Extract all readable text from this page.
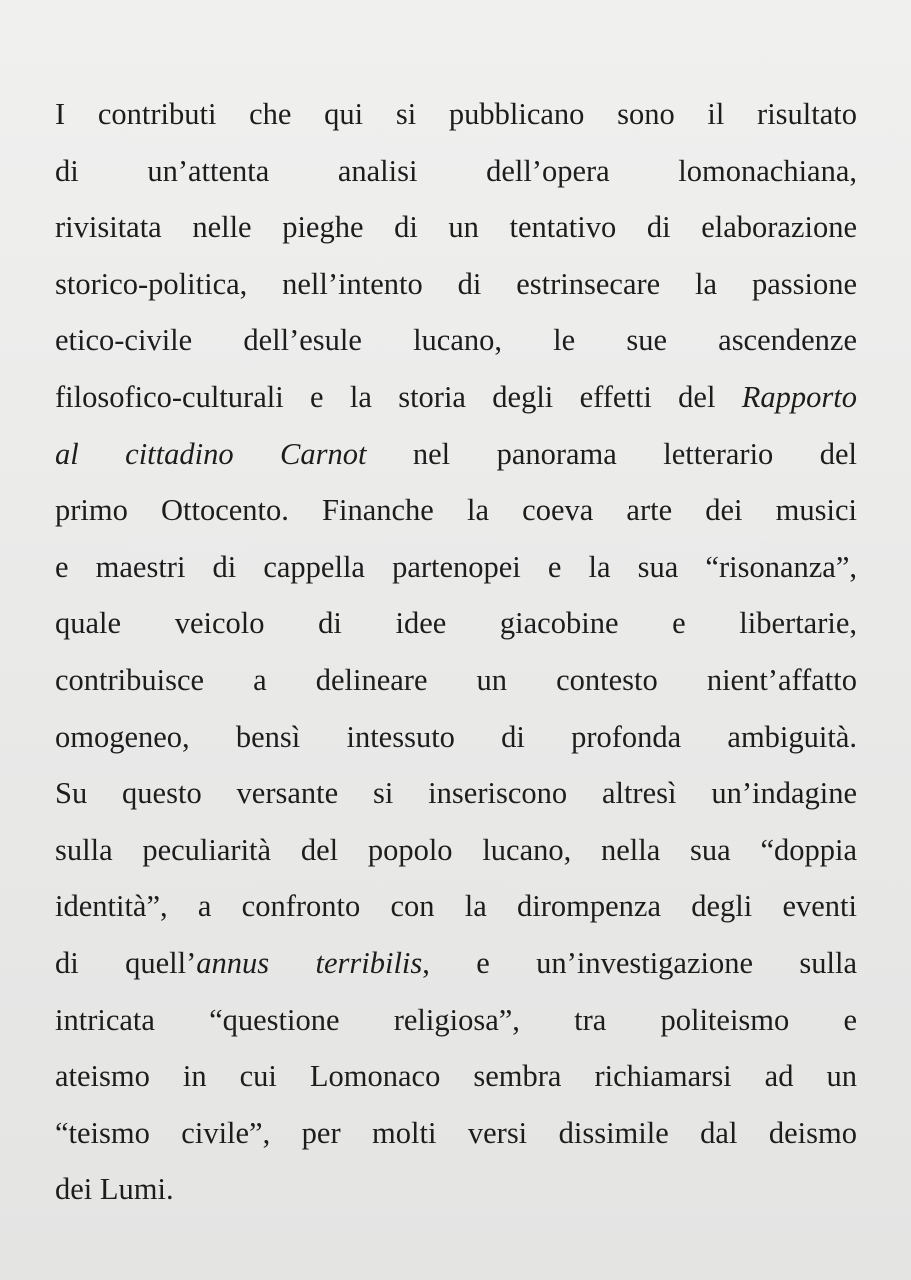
I contributi che qui si pubblicano sono il risultato
di un’attenta analisi dell’opera lomonachiana,
rivisitata nelle pieghe di un tentativo di elaborazione
storico-politica, nell’intento di estrinsecare la passione
etico-civile dell’esule lucano, le sue ascendenze
filosofico-culturali e la storia degli effetti del Rapporto
al cittadino Carnot nel panorama letterario del
primo Ottocento. Finanche la coeva arte dei musici
e maestri di cappella partenopei e la sua “risonanza”,
quale veicolo di idee giacobine e libertarie,
contribuisce a delineare un contesto nient’affatto
omogeneo, bensì intessuto di profonda ambiguità.
Su questo versante si inseriscono altresì un’indagine
sulla peculiarità del popolo lucano, nella sua “doppia
identità”, a confronto con la dirompenza degli eventi
di quell’annus terribilis, e un’investigazione sulla
intricata “questione religiosa”, tra politeismo e
ateismo in cui Lomonaco sembra richiamarsi ad un
“teismo civile”, per molti versi dissimile dal deismo
dei Lumi.
